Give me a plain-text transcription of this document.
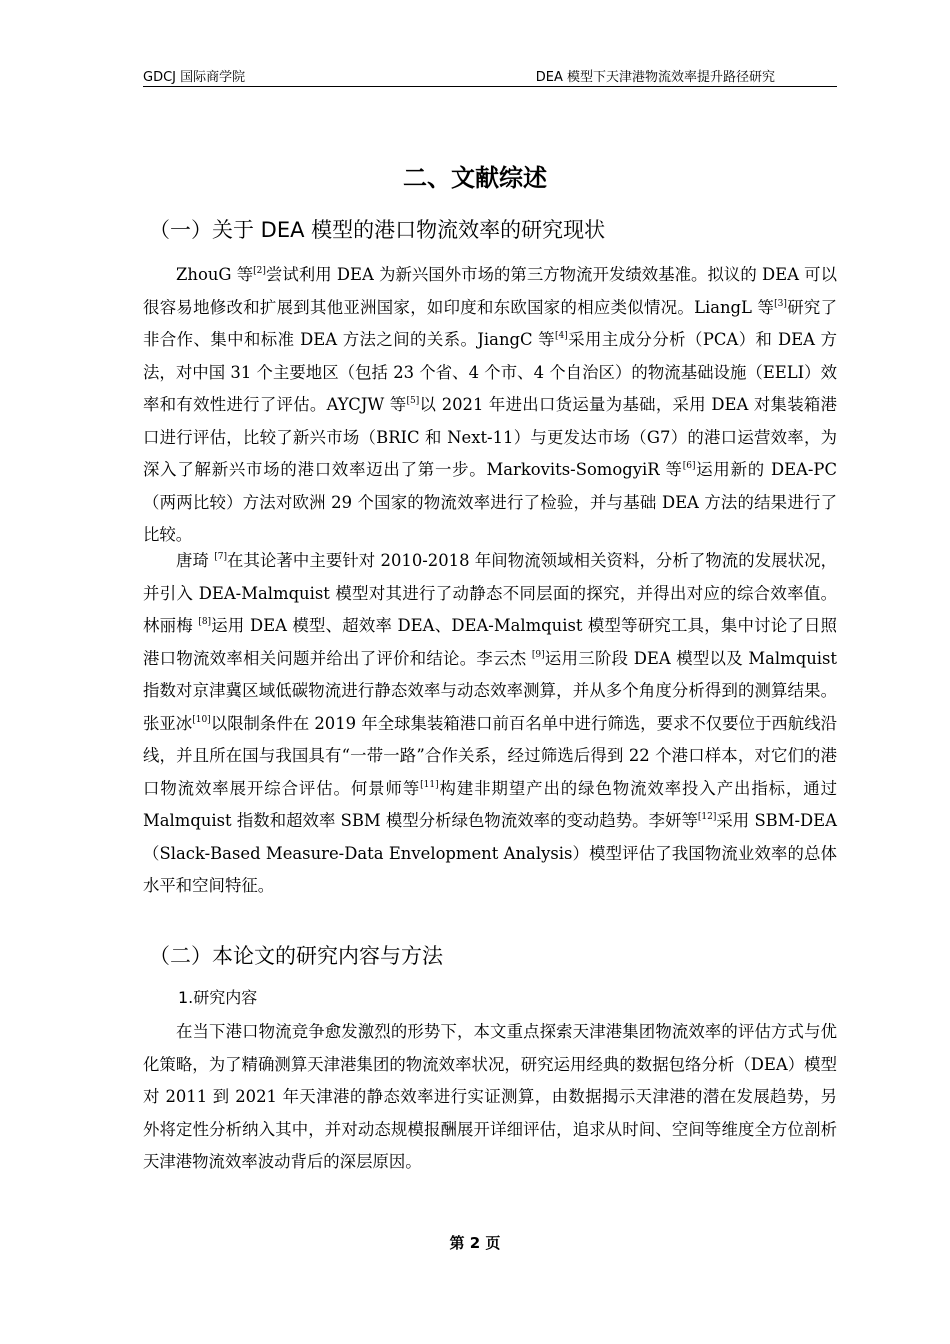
GDCJ 国际商学院	DEA 模型下天津港物流效率提升路径研究
二、文献综述
（一）关于 DEA 模型的港口物流效率的研究现状

ZhouG 等[2]尝试利用 DEA 为新兴国外市场的第三方物流开发绩效基准。拟议的 DEA 可以很容易地修改和扩展到其他亚洲国家，如印度和东欧国家的相应类似情况。LiangL 等[3]研究了非合作、集中和标准 DEA 方法之间的关系。JiangC 等[4]采用主成分分析（PCA）和 DEA 方法，对中国 31 个主要地区（包括 23 个省、4 个市、4 个自治区）的物流基础设施（EELI）效率和有效性进行了评估。AYCJW 等[5]以 2021 年进出口货运量为基础，采用 DEA 对集装箱港口进行评估，比较了新兴市场（BRIC 和 Next-11）与更发达市场（G7）的港口运营效率，为深入了解新兴市场的港口效率迈出了第一步。Markovits-SomogyiR 等[6]运用新的 DEA-PC（两两比较）方法对欧洲 29 个国家的物流效率进行了检验，并与基础 DEA 方法的结果进行了比较。

唐琦 [7]在其论著中主要针对 2010-2018 年间物流领域相关资料，分析了物流的发展状况，并引入 DEA-Malmquist 模型对其进行了动静态不同层面的探究，并得出对应的综合效率值。林丽梅 [8]运用 DEA 模型、超效率 DEA、DEA-Malmquist 模型等研究工具，集中讨论了日照港口物流效率相关问题并给出了评价和结论。李云杰 [9]运用三阶段 DEA 模型以及 Malmquist 指数对京津冀区域低碳物流进行静态效率与动态效率测算，并从多个角度分析得到的测算结果。张亚冰[10]以限制条件在 2019 年全球集装箱港口前百名单中进行筛选，要求不仅要位于西航线沿线，并且所在国与我国具有“一带一路”合作关系，经过筛选后得到 22 个港口样本，对它们的港口物流效率展开综合评估。何景师等[11]构建非期望产出的绿色物流效率投入产出指标，通过 Malmquist 指数和超效率 SBM 模型分析绿色物流效率的变动趋势。李妍等[12]采用 SBM-DEA（Slack-Based Measure-Data Envelopment Analysis）模型评估了我国物流业效率的总体水平和空间特征。

（二）本论文的研究内容与方法
1.研究内容

在当下港口物流竞争愈发激烈的形势下，本文重点探索天津港集团物流效率的评估方式与优化策略，为了精确测算天津港集团的物流效率状况，研究运用经典的数据包络分析（DEA）模型对 2011 到 2021 年天津港的静态效率进行实证测算，由数据揭示天津港的潜在发展趋势，另外将定性分析纳入其中，并对动态规模报酬展开详细评估，追求从时间、空间等维度全方位剖析天津港物流效率波动背后的深层原因。

第 2 页
